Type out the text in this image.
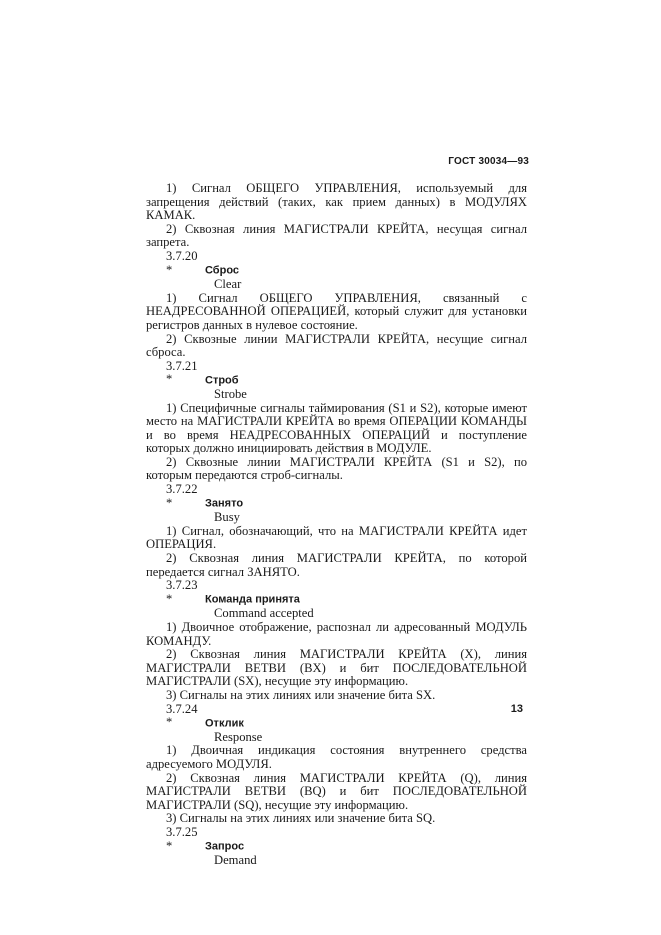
ГОСТ 30034—93

1) Сигнал ОБЩЕГО УПРАВЛЕНИЯ, используемый для запрещения действий (таких, как прием данных) в МОДУЛЯХ КАМАК.

2) Сквозная линия МАГИСТРАЛИ КРЕЙТА, несущая сигнал запрета.

3.7.20 *	Сброс

Clear

1) Сигнал ОБЩЕГО УПРАВЛЕНИЯ, связанный с НЕАДРЕСОВАННОЙ ОПЕРАЦИЕЙ, который служит для установки регистров данных в нулевое состояние.

2) Сквозные линии МАГИСТРАЛИ КРЕЙТА, несущие сигнал сброса.

3.7.21 *	Строб

Strobe

1) Специфичные сигналы таймирования (S1 и S2), которые имеют место на МАГИСТРАЛИ КРЕЙТА во время ОПЕРАЦИИ КОМАНДЫ и во время НЕАДРЕСОВАННЫХ ОПЕРАЦИЙ и поступление которых должно инициировать действия в МОДУЛЕ.

2) Сквозные линии МАГИСТРАЛИ КРЕЙТА (S1 и S2), по которым передаются строб-сигналы.

3.7.22 *	Занято

Busy

1) Сигнал, обозначающий, что на МАГИСТРАЛИ КРЕЙТА идет ОПЕРАЦИЯ.

2) Сквозная линия МАГИСТРАЛИ КРЕЙТА, по которой передается сигнал ЗАНЯТО.

3.7.23 *	Команда принята

Command accepted

1) Двоичное отображение, распознал ли адресованный МОДУЛЬ КОМАНДУ.

2) Сквозная линия МАГИСТРАЛИ КРЕЙТА (X), линия МАГИСТРАЛИ ВЕТВИ (BX) и бит ПОСЛЕДОВАТЕЛЬНОЙ МАГИСТРАЛИ (SX), несущие эту информацию.

3) Сигналы на этих линиях или значение бита SX.

3.7.24 *	Отклик

Response

1) Двоичная индикация состояния внутреннего средства адресуемого МОДУЛЯ.

2) Сквозная линия МАГИСТРАЛИ КРЕЙТА (Q), линия МАГИСТРАЛИ ВЕТВИ (BQ) и бит ПОСЛЕДОВАТЕЛЬНОЙ МАГИСТРАЛИ (SQ), несущие эту информацию.

3) Сигналы на этих линиях или значение бита SQ.

3.7.25 *	Запрос

Demand

13
